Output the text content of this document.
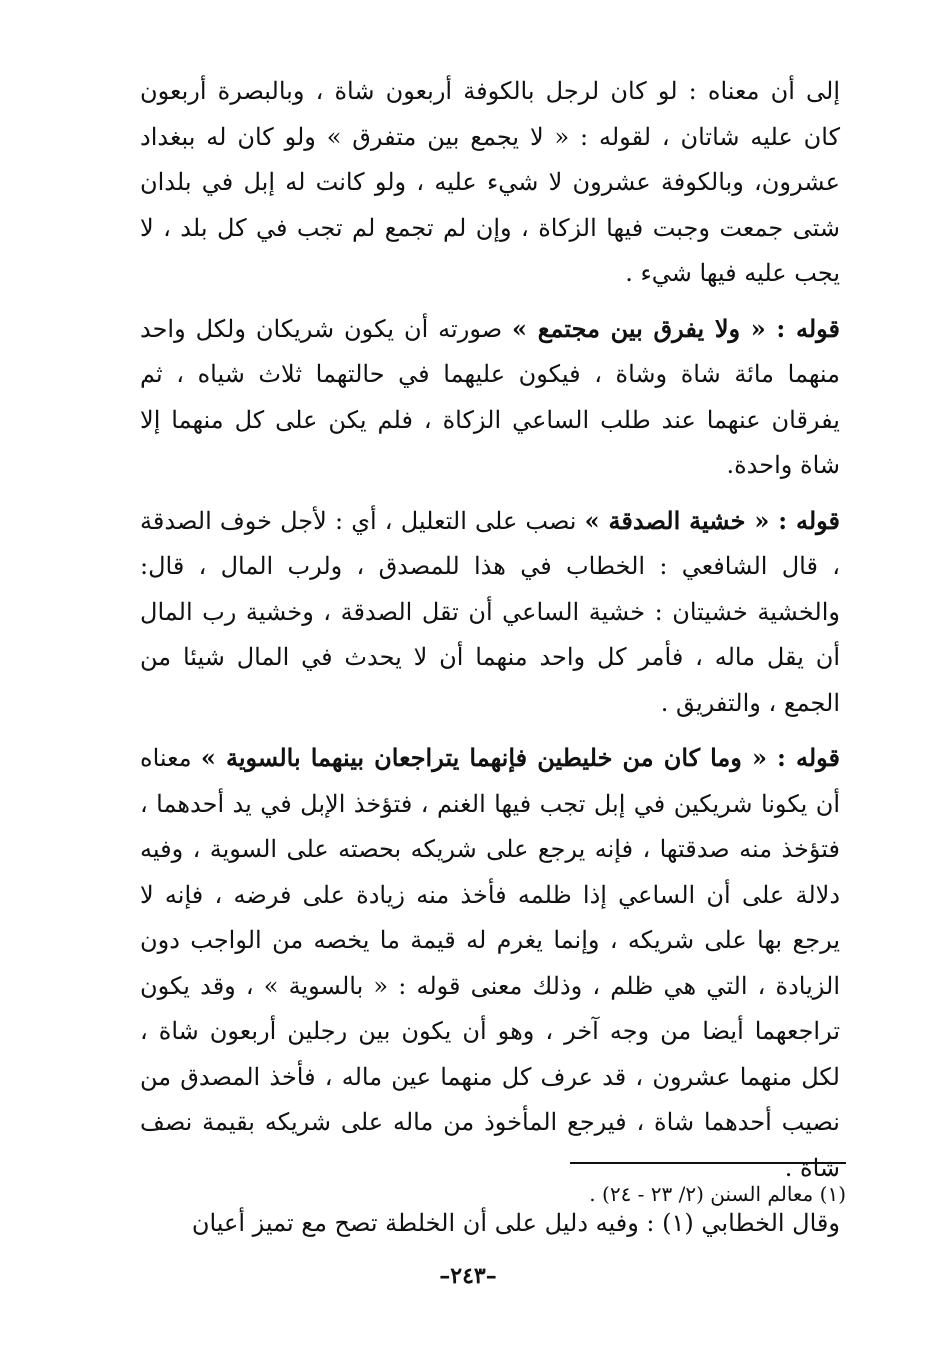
إلى أن معناه : لو كان لرجل بالكوفة أربعون شاة ، وبالبصرة أربعون كان عليه شاتان ، لقوله : « لا يجمع بين متفرق » ولو كان له ببغداد عشرون، وبالكوفة عشرون لا شيء عليه ، ولو كانت له إبل في بلدان شتى جمعت وجبت فيها الزكاة ، وإن لم تجمع لم تجب في كل بلد ، لا يجب عليه فيها شيء .

قوله : « ولا يفرق بين مجتمع » صورته أن يكون شريكان ولكل واحد منهما مائة شاة وشاة ، فيكون عليهما في حالتهما ثلاث شياه ، ثم يفرقان عنهما عند طلب الساعي الزكاة ، فلم يكن على كل منهما إلا شاة واحدة.

قوله : « خشية الصدقة » نصب على التعليل ، أي : لأجل خوف الصدقة ، قال الشافعي : الخطاب في هذا للمصدق ، ولرب المال ، قال: والخشية خشيتان : خشية الساعي أن تقل الصدقة ، وخشية رب المال أن يقل ماله ، فأمر كل واحد منهما أن لا يحدث في المال شيئا من الجمع ، والتفريق .

قوله : « وما كان من خليطين فإنهما يتراجعان بينهما بالسوية » معناه أن يكونا شريكين في إبل تجب فيها الغنم ، فتؤخذ الإبل في يد أحدهما ، فتؤخذ منه صدقتها ، فإنه يرجع على شريكه بحصته على السوية ، وفيه دلالة على أن الساعي إذا ظلمه فأخذ منه زيادة على فرضه ، فإنه لا يرجع بها على شريكه ، وإنما يغرم له قيمة ما يخصه من الواجب دون الزيادة ، التي هي ظلم ، وذلك معنى قوله : « بالسوية » ، وقد يكون تراجعهما أيضا من وجه آخر ، وهو أن يكون بين رجلين أربعون شاة ، لكل منهما عشرون ، قد عرف كل منهما عين ماله ، فأخذ المصدق من نصيب أحدهما شاة ، فيرجع المأخوذ من ماله على شريكه بقيمة نصف شاة .

وقال الخطابي (١) : وفيه دليل على أن الخلطة تصح مع تميز أعيان

(١) معالم السنن (٢/ ٢٣ - ٢٤) .
–٢٤٣–
